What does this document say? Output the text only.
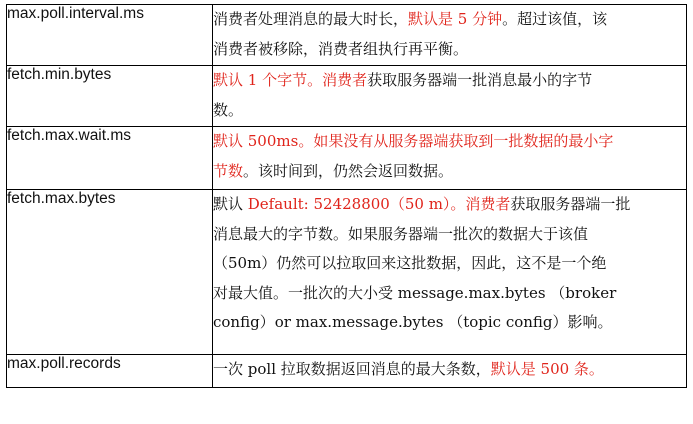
max.poll.interval.ms	消费者处理消息的最大时长，默认是 5 分钟。超过该值，该
消费者被移除，消费者组执行再平衡。

fetch.min.bytes	默认 1 个字节。消费者获取服务器端一批消息最小的字节
数。

fetch.max.wait.ms	默认 500ms。如果没有从服务器端获取到一批数据的最小字
节数。该时间到，仍然会返回数据。

fetch.max.bytes	默认 Default: 52428800（50 m）。消费者获取服务器端一批
消息最大的字节数。如果服务器端一批次的数据大于该值
（50m）仍然可以拉取回来这批数据，因此，这不是一个绝
对最大值。一批次的大小受 message.max.bytes （broker
config）or max.message.bytes （topic config）影响。

max.poll.records	一次 poll 拉取数据返回消息的最大条数，默认是 500 条。
